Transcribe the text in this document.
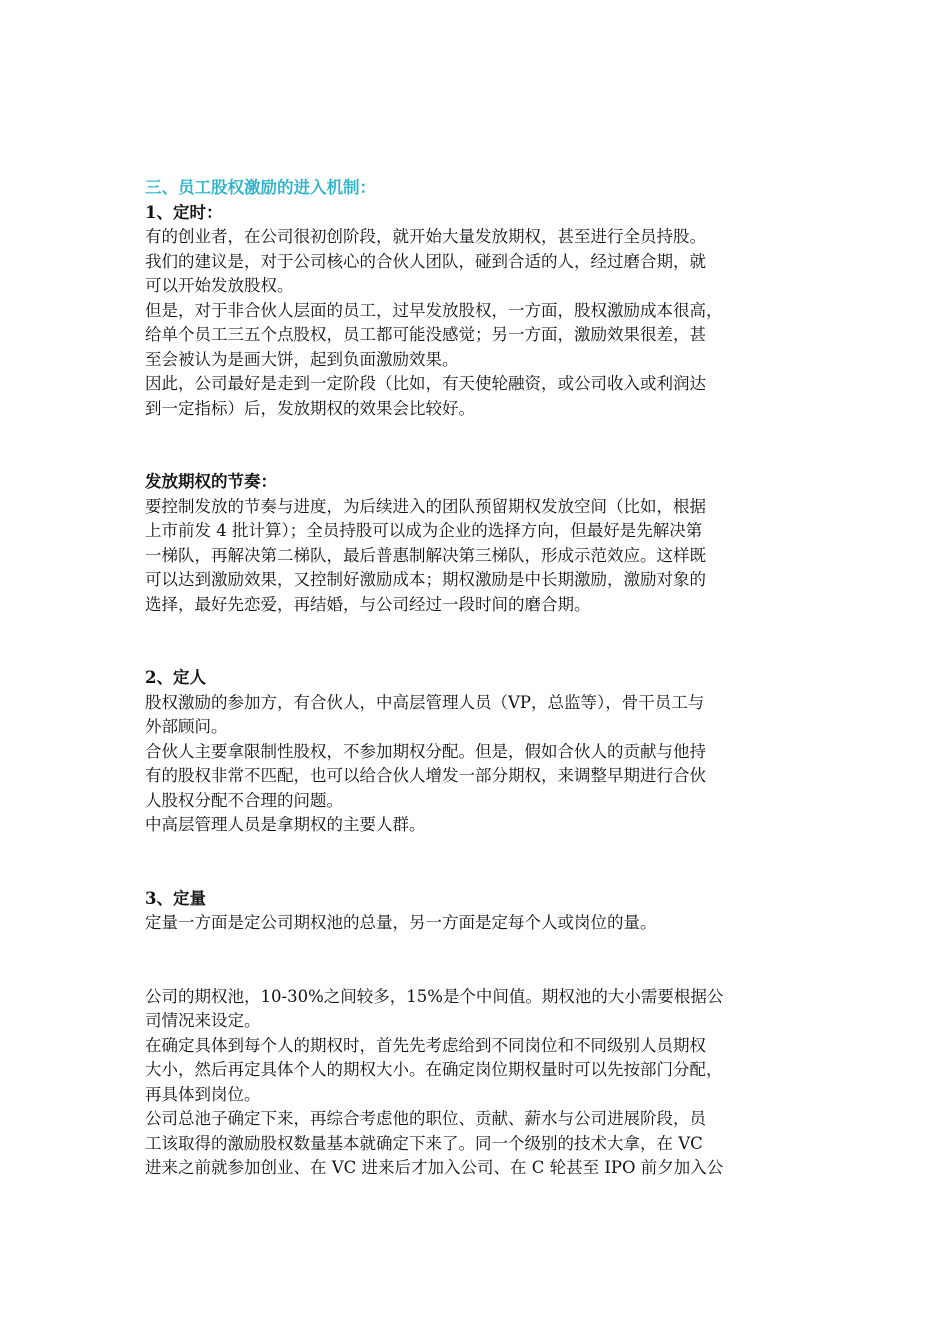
三、员工股权激励的进入机制：
1、定时：
有的创业者，在公司很初创阶段，就开始大量发放期权，甚至进行全员持股。
我们的建议是，对于公司核心的合伙人团队，碰到合适的人，经过磨合期，就
可以开始发放股权。
但是，对于非合伙人层面的员工，过早发放股权，一方面，股权激励成本很高，
给单个员工三五个点股权，员工都可能没感觉；另一方面，激励效果很差，甚
至会被认为是画大饼，起到负面激励效果。
因此，公司最好是走到一定阶段（比如，有天使轮融资，或公司收入或利润达
到一定指标）后，发放期权的效果会比较好。
发放期权的节奏：
要控制发放的节奏与进度，为后续进入的团队预留期权发放空间（比如，根据
上市前发 4 批计算）；全员持股可以成为企业的选择方向，但最好是先解决第
一梯队，再解决第二梯队，最后普惠制解决第三梯队，形成示范效应。这样既
可以达到激励效果，又控制好激励成本；期权激励是中长期激励，激励对象的
选择，最好先恋爱，再结婚，与公司经过一段时间的磨合期。
2、定人
股权激励的参加方，有合伙人，中高层管理人员（VP，总监等），骨干员工与
外部顾问。
合伙人主要拿限制性股权，不参加期权分配。但是，假如合伙人的贡献与他持
有的股权非常不匹配，也可以给合伙人增发一部分期权，来调整早期进行合伙
人股权分配不合理的问题。
中高层管理人员是拿期权的主要人群。
3、定量
定量一方面是定公司期权池的总量，另一方面是定每个人或岗位的量。
公司的期权池，10-30%之间较多，15%是个中间值。期权池的大小需要根据公
司情况来设定。
在确定具体到每个人的期权时，首先先考虑给到不同岗位和不同级别人员期权
大小，然后再定具体个人的期权大小。在确定岗位期权量时可以先按部门分配，
再具体到岗位。
公司总池子确定下来，再综合考虑他的职位、贡献、薪水与公司进展阶段，员
工该取得的激励股权数量基本就确定下来了。同一个级别的技术大拿，在 VC
进来之前就参加创业、在 VC 进来后才加入公司、在 C 轮甚至 IPO 前夕加入公
